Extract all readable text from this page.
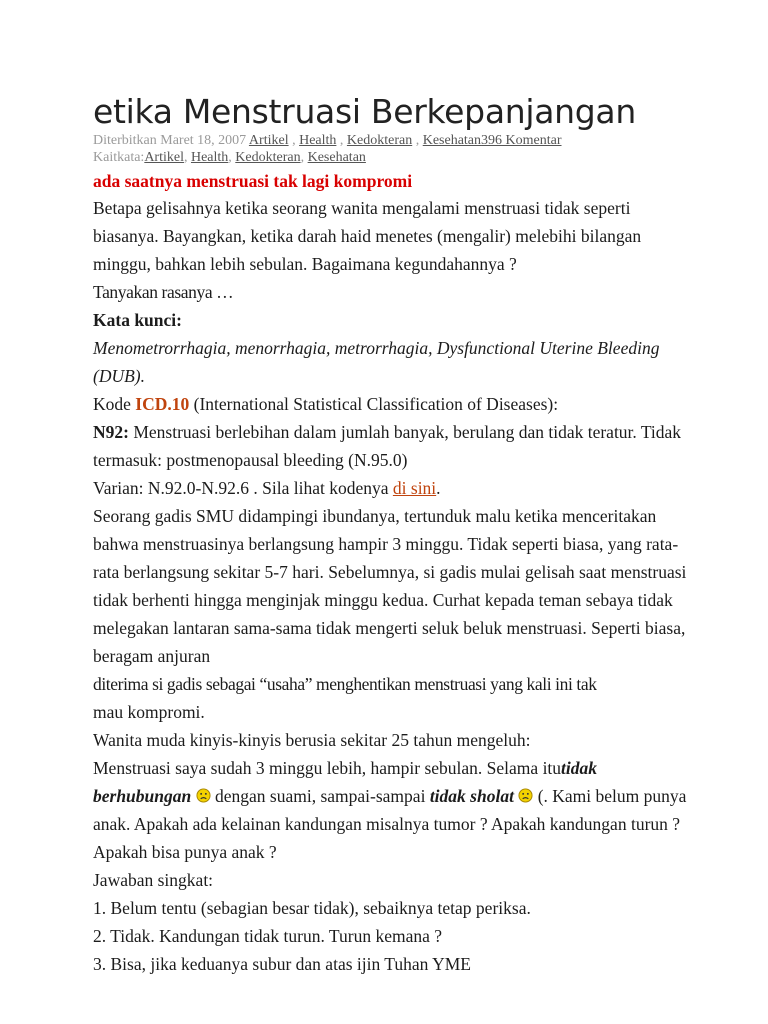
etika Menstruasi Berkepanjangan
Diterbitkan Maret 18, 2007 Artikel , Health , Kedokteran , Kesehatan396 Komentar
Kaitkata:Artikel, Health, Kedokteran, Kesehatan
ada saatnya menstruasi tak lagi kompromi

Betapa gelisahnya ketika seorang wanita mengalami menstruasi tidak seperti biasanya. Bayangkan, ketika darah haid menetes (mengalir) melebihi bilangan minggu, bahkan lebih sebulan. Bagaimana kegundahannya ?

Tanyakan rasanya …

Kata kunci:

Menometrorrhagia, menorrhagia, metrorrhagia, Dysfunctional Uterine Bleeding (DUB).

Kode ICD.10 (International Statistical Classification of Diseases):

N92: Menstruasi berlebihan dalam jumlah banyak, berulang dan tidak teratur. Tidak termasuk: postmenopausal bleeding (N.95.0)

Varian: N.92.0-N.92.6 . Sila lihat kodenya di sini.

Seorang gadis SMU didampingi ibundanya, tertunduk malu ketika menceritakan bahwa menstruasinya berlangsung hampir 3 minggu. Tidak seperti biasa, yang rata-rata berlangsung sekitar 5-7 hari. Sebelumnya, si gadis mulai gelisah saat menstruasi tidak berhenti hingga menginjak minggu kedua. Curhat kepada teman sebaya tidak melegakan lantaran sama-sama tidak mengerti seluk beluk menstruasi. Seperti biasa, beragam anjuran
diterima si gadis sebagai “usaha” menghentikan menstruasi yang kali ini tak
mau kompromi.

Wanita muda kinyis-kinyis berusia sekitar 25 tahun mengeluh:

Menstruasi saya sudah 3 minggu lebih, hampir sebulan. Selama itutidak berhubungan  dengan suami, sampai-sampai tidak sholat  (. Kami belum punya anak. Apakah ada kelainan kandungan misalnya tumor ? Apakah kandungan turun ? Apakah bisa punya anak ?

Jawaban singkat:

1. Belum tentu (sebagian besar tidak), sebaiknya tetap periksa.

2. Tidak. Kandungan tidak turun. Turun kemana ?

3. Bisa, jika keduanya subur dan atas ijin Tuhan YME
